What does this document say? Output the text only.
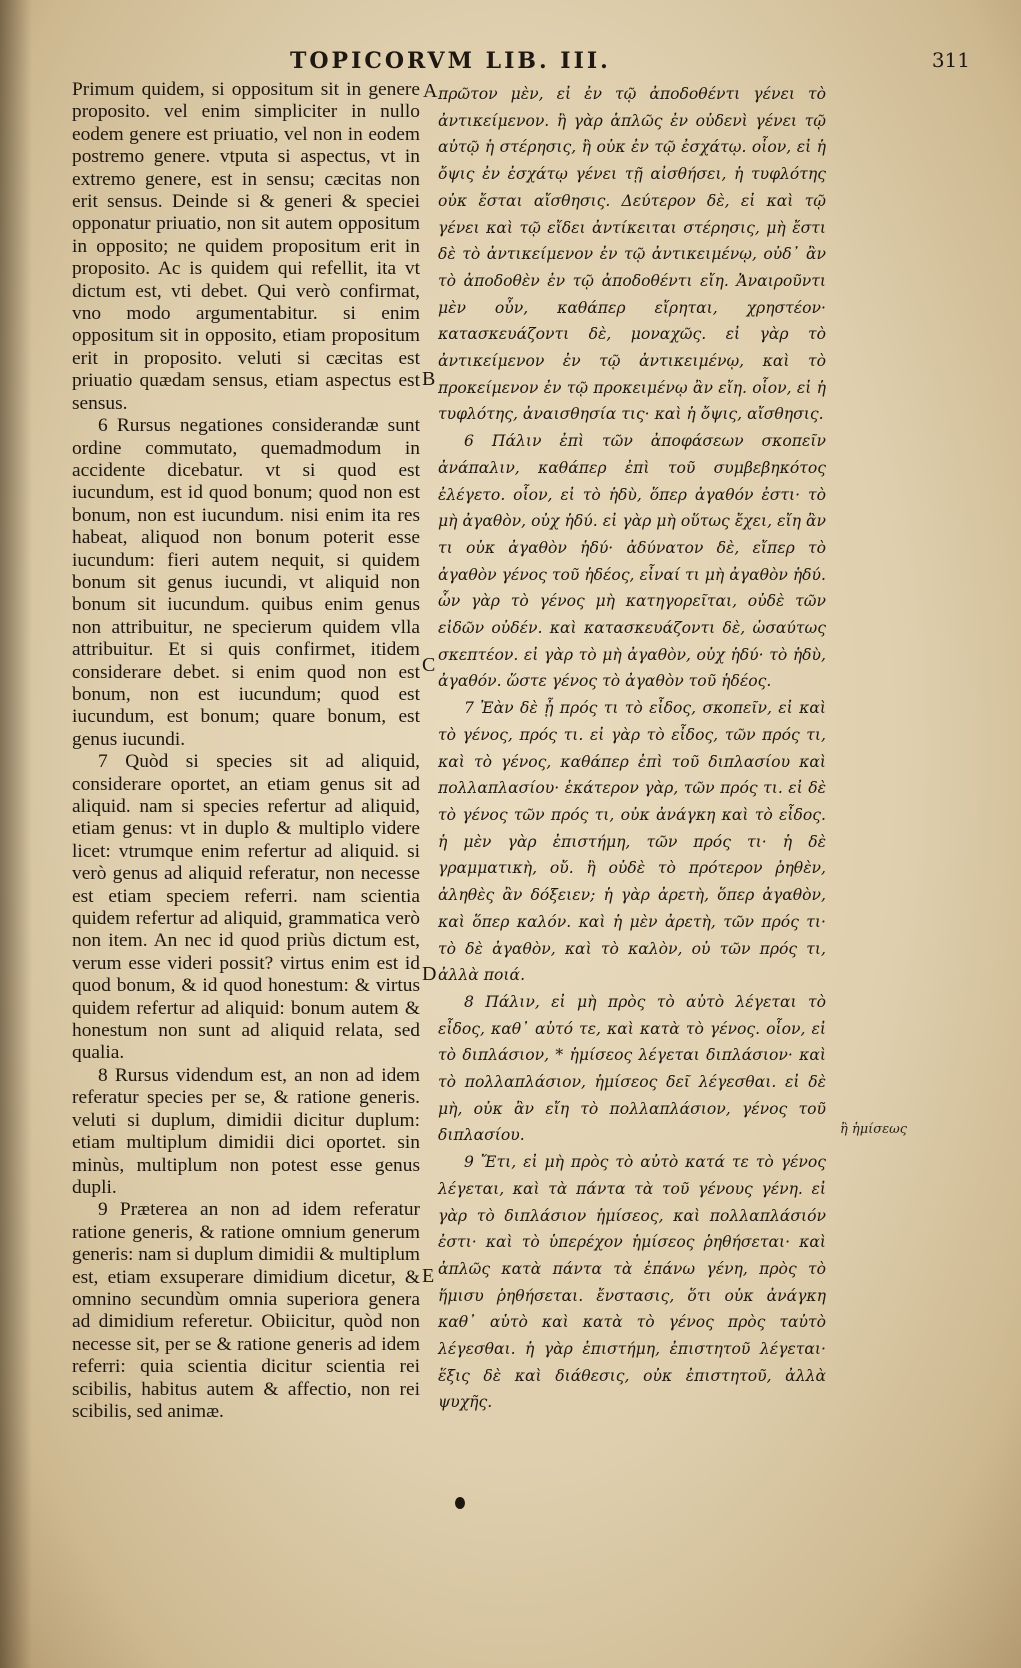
TOPICORVM LIB. III.	311

Primum quidem, si oppositum sit in genere proposito. vel enim simpliciter in nullo eodem genere est priuatio, vel non in eodem postremo genere. vtputa si aspectus, vt in extremo genere, est in sensu; cæcitas non erit sensus. Deinde si & generi & speciei opponatur priuatio, non sit autem oppositum in opposito; ne quidem propositum erit in proposito. Ac is quidem qui refellit, ita vt dictum est, vti debet. Qui verò confirmat, vno modo argumentabitur. si enim oppositum sit in opposito, etiam propositum erit in proposito. veluti si cæcitas est priuatio quædam sensus, etiam aspectus est sensus.

6 Rursus negationes considerandæ sunt ordine commutato, quemadmodum in accidente dicebatur. vt si quod est iucundum, est id quod bonum; quod non est bonum, non est iucundum. nisi enim ita res habeat, aliquod non bonum poterit esse iucundum: fieri autem nequit, si quidem bonum sit genus iucundi, vt aliquid non bonum sit iucundum. quibus enim genus non attribuitur, ne specierum quidem vlla attribuitur. Et si quis confirmet, itidem considerare debet. si enim quod non est bonum, non est iucundum; quod est iucundum, est bonum; quare bonum, est genus iucundi.

7 Quòd si species sit ad aliquid, considerare oportet, an etiam genus sit ad aliquid. nam si species refertur ad aliquid, etiam genus: vt in duplo & multiplo videre licet: vtrumque enim refertur ad aliquid. si verò genus ad aliquid referatur, non necesse est etiam speciem referri. nam scientia quidem refertur ad aliquid, grammatica verò non item. An nec id quod priùs dictum est, verum esse videri possit? virtus enim est id quod bonum, & id quod honestum: & virtus quidem refertur ad aliquid: bonum autem & honestum non sunt ad aliquid relata, sed qualia.

8 Rursus videndum est, an non ad idem referatur species per se, & ratione generis. veluti si duplum, dimidii dicitur duplum: etiam multiplum dimidii dici oportet. sin minùs, multiplum non potest esse genus dupli.

9 Præterea an non ad idem referatur ratione generis, & ratione omnium generum generis: nam si duplum dimidii & multiplum est, etiam exsuperare dimidium dicetur, & omnino secundùm omnia superiora genera ad dimidium referetur. Obiicitur, quòd non necesse sit, per se & ratione generis ad idem referri: quia scientia dicitur scientia rei scibilis, habitus autem & affectio, non rei scibilis, sed animæ.

A
B
C
D
E

πρῶτον μὲν, εἰ ἐν τῷ ἀποδοθέντι γένει τὸ ἀντικείμενον. ἢ γὰρ ἁπλῶς ἐν οὐδενὶ γένει τῷ αὐτῷ ἡ στέρησις, ἢ οὐκ ἐν τῷ ἐσχάτῳ. οἷον, εἰ ἡ ὄψις ἐν ἐσχάτῳ γένει τῇ αἰσθήσει, ἡ τυφλότης οὐκ ἔσται αἴσθησις. Δεύτερον δὲ, εἰ καὶ τῷ γένει καὶ τῷ εἴδει ἀντίκειται στέρησις, μὴ ἔστι δὲ τὸ ἀντικείμενον ἐν τῷ ἀντικειμένῳ, οὐδ᾽ ἂν τὸ ἀποδοθὲν ἐν τῷ ἀποδοθέντι εἴη. Ἀναιροῦντι μὲν οὖν, καθάπερ εἴρηται, χρηστέον· κατασκευάζοντι δὲ, μοναχῶς. εἰ γὰρ τὸ ἀντικείμενον ἐν τῷ ἀντικειμένῳ, καὶ τὸ προκείμενον ἐν τῷ προκειμένῳ ἂν εἴη. οἷον, εἰ ἡ τυφλότης, ἀναισθησία τις· καὶ ἡ ὄψις, αἴσθησις.

6 Πάλιν ἐπὶ τῶν ἀποφάσεων σκοπεῖν ἀνάπαλιν, καθάπερ ἐπὶ τοῦ συμβεβηκότος ἐλέγετο. οἷον, εἰ τὸ ἡδὺ, ὅπερ ἀγαθόν ἐστι· τὸ μὴ ἀγαθὸν, οὐχ ἡδύ. εἰ γὰρ μὴ οὕτως ἔχει, εἴη ἂν τι οὐκ ἀγαθὸν ἡδύ· ἀδύνατον δὲ, εἴπερ τὸ ἀγαθὸν γένος τοῦ ἡδέος, εἶναί τι μὴ ἀγαθὸν ἡδύ. ὧν γὰρ τὸ γένος μὴ κατηγορεῖται, οὐδὲ τῶν εἰδῶν οὐδέν. καὶ κατασκευάζοντι δὲ, ὡσαύτως σκεπτέον. εἰ γὰρ τὸ μὴ ἀγαθὸν, οὐχ ἡδύ· τὸ ἡδὺ, ἀγαθόν. ὥστε γένος τὸ ἀγαθὸν τοῦ ἡδέος.

7 Ἐὰν δὲ ᾖ πρός τι τὸ εἶδος, σκοπεῖν, εἰ καὶ τὸ γένος, πρός τι. εἰ γὰρ τὸ εἶδος, τῶν πρός τι, καὶ τὸ γένος, καθάπερ ἐπὶ τοῦ διπλασίου καὶ πολλαπλασίου· ἑκάτερον γὰρ, τῶν πρός τι. εἰ δὲ τὸ γένος τῶν πρός τι, οὐκ ἀνάγκη καὶ τὸ εἶδος. ἡ μὲν γὰρ ἐπιστήμη, τῶν πρός τι· ἡ δὲ γραμματικὴ, οὔ. ἢ οὐδὲ τὸ πρότερον ῥηθὲν, ἀληθὲς ἂν δόξειεν; ἡ γὰρ ἀρετὴ, ὅπερ ἀγαθὸν, καὶ ὅπερ καλόν. καὶ ἡ μὲν ἀρετὴ, τῶν πρός τι· τὸ δὲ ἀγαθὸν, καὶ τὸ καλὸν, οὐ τῶν πρός τι, ἀλλὰ ποιά.

8 Πάλιν, εἰ μὴ πρὸς τὸ αὐτὸ λέγεται τὸ εἶδος, καθ᾽ αὑτό τε, καὶ κατὰ τὸ γένος. οἷον, εἰ τὸ διπλάσιον, * ἡμίσεος λέγεται διπλάσιον· καὶ τὸ πολλαπλάσιον, ἡμίσεος δεῖ λέγεσθαι. εἰ δὲ μὴ, οὐκ ἂν εἴη τὸ πολλαπλάσιον, γένος τοῦ διπλασίου.

9 Ἔτι, εἰ μὴ πρὸς τὸ αὐτὸ κατά τε τὸ γένος λέγεται, καὶ τὰ πάντα τὰ τοῦ γένους γένη. εἰ γὰρ τὸ διπλάσιον ἡμίσεος, καὶ πολλαπλάσιόν ἐστι· καὶ τὸ ὑπερέχον ἡμίσεος ῥηθήσεται· καὶ ἁπλῶς κατὰ πάντα τὰ ἐπάνω γένη, πρὸς τὸ ἥμισυ ῥηθήσεται. ἔνστασις, ὅτι οὐκ ἀνάγκη καθ᾽ αὑτὸ καὶ κατὰ τὸ γένος πρὸς ταὐτὸ λέγεσθαι. ἡ γὰρ ἐπιστήμη, ἐπιστητοῦ λέγεται· ἕξις δὲ καὶ διάθεσις, οὐκ ἐπιστητοῦ, ἀλλὰ ψυχῆς.

ἢ ἡμίσεως
